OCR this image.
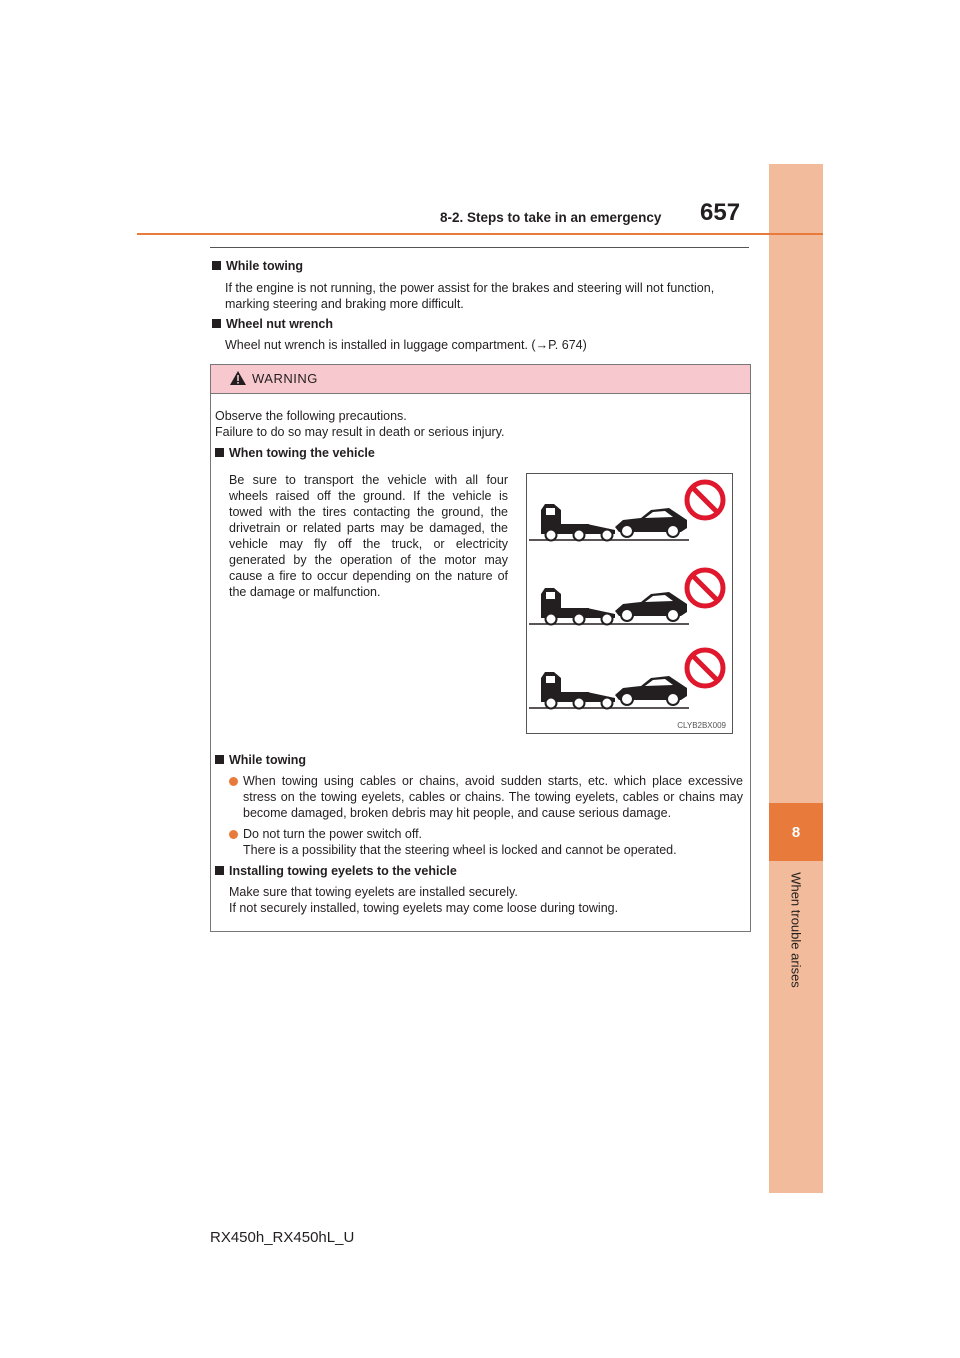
8
When trouble arises
8-2. Steps to take in an emergency 657
While towing
If the engine is not running, the power assist for the brakes and steering will not function, marking steering and braking more difficult.
Wheel nut wrench
Wheel nut wrench is installed in luggage compartment. (→P. 674)
WARNING
Observe the following precautions.
Failure to do so may result in death or serious injury.
When towing the vehicle
Be sure to transport the vehicle with all four wheels raised off the ground. If the vehicle is towed with the tires contacting the ground, the drivetrain or related parts may be damaged, the vehicle may fly off the truck, or electricity generated by the operation of the motor may cause a fire to occur depending on the nature of the damage or malfunction.
CLYB2BX009
While towing
When towing using cables or chains, avoid sudden starts, etc. which place excessive stress on the towing eyelets, cables or chains. The towing eyelets, cables or chains may become damaged, broken debris may hit people, and cause serious damage.
Do not turn the power switch off.
There is a possibility that the steering wheel is locked and cannot be operated.
Installing towing eyelets to the vehicle
Make sure that towing eyelets are installed securely.
If not securely installed, towing eyelets may come loose during towing.
RX450h_RX450hL_U
